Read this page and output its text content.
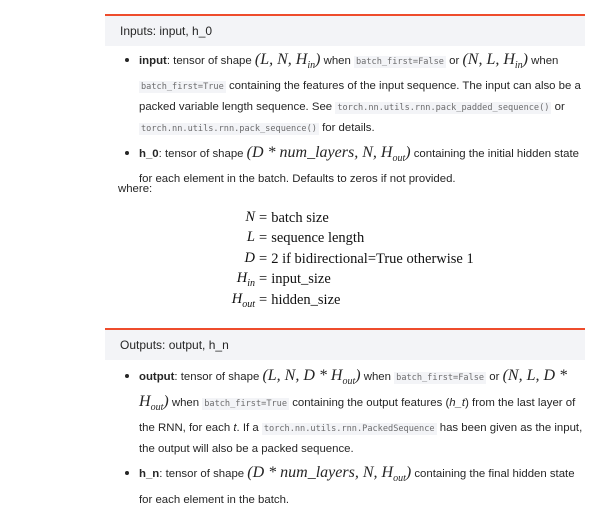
Inputs: input, h_0
input: tensor of shape (L, N, $H_{in}$) when batch_first=False or (N, L, $H_{in}$) when batch_first=True containing the features of the input sequence. The input can also be a packed variable length sequence. See torch.nn.utils.rnn.pack_padded_sequence() or torch.nn.utils.rnn.pack_sequence() for details.
h_0: tensor of shape (D * num_layers, N, $H_{out}$) containing the initial hidden state for each element in the batch. Defaults to zeros if not provided.
where:
N = batch size
L = sequence length
D = 2 if bidirectional=True otherwise 1
$H_{in}$ = input_size
$H_{out}$ = hidden_size
Outputs: output, h_n
output: tensor of shape (L, N, D * $H_{out}$) when batch_first=False or (N, L, D * $H_{out}$) when batch_first=True containing the output features (h_t) from the last layer of the RNN, for each t. If a torch.nn.utils.rnn.PackedSequence has been given as the input, the output will also be a packed sequence.
h_n: tensor of shape (D * num_layers, N, $H_{out}$) containing the final hidden state for each element in the batch.
